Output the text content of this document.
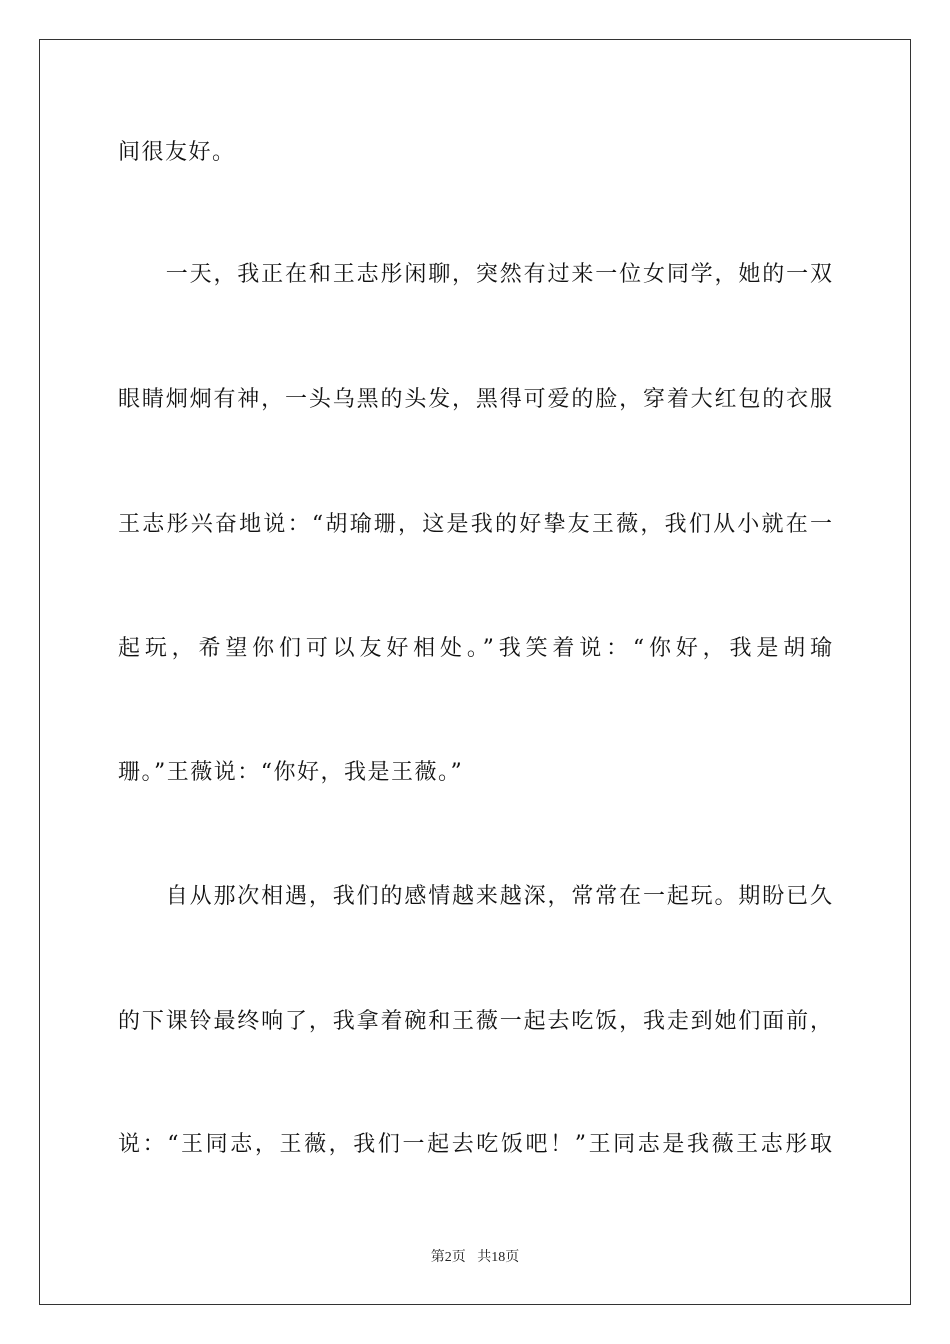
间很友好。
　　一天，我正在和王志彤闲聊，突然有过来一位女同学，她的一双
眼睛炯炯有神，一头乌黑的头发，黑得可爱的脸，穿着大红包的衣服
王志彤兴奋地说：“胡瑜珊，这是我的好挚友王薇，我们从小就在一
起玩，希望你们可以友好相处。”我笑着说：“你好，我是胡瑜
珊。”王薇说：“你好，我是王薇。”
　　自从那次相遇，我们的感情越来越深，常常在一起玩。期盼已久
的下课铃最终响了，我拿着碗和王薇一起去吃饭，我走到她们面前，
说：“王同志，王薇，我们一起去吃饭吧！”王同志是我薇王志彤取
第2页 共18页
